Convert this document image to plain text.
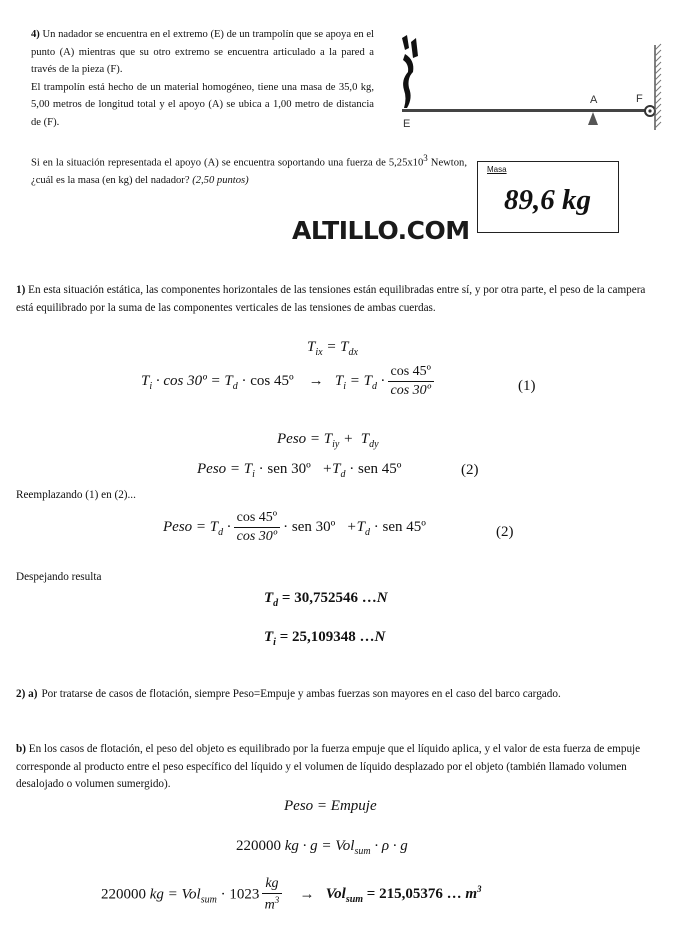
4) Un nadador se encuentra en el extremo (E) de un trampolín que se apoya en el punto (A) mientras que su otro extremo se encuentra articulado a la pared a través de la pieza (F).
El trampolín está hecho de un material homogéneo, tiene una masa de 35,0 kg, 5,00 metros de longitud total y el apoyo (A) se ubica a 1,00 metro de distancia de (F).
Si en la situación representada el apoyo (A) se encuentra soportando una fuerza de $5,25x10^3$ Newton, ¿cuál es la masa (en kg) del nadador? (2,50 puntos)
A	F
E
Masa
89,6 kg
ALTILLO.COM
1) En esta situación estática, las componentes horizontales de las tensiones están equilibradas entre sí, y por otra parte, el peso de la campera está equilibrado por la suma de las componentes verticales de las tensiones de ambas cuerdas.
$T_{ix} = T_{dx}$
$T_i \cdot \cos$ 30º = $T_d \cdot \cos$ 45º    →   $T_i = T_d \cdot \frac{\text{cos 45º}}{\text{cos 30º}}$	(1)
Peso = $T_{iy} + T_{dy}$
Peso = $T_i$ · sen 30º   $+T_d$ · sen 45º	(2)
Reemplazando (1) en (2)...
Peso = $T_d \cdot \frac{\text{cos 45º}}{\text{cos 30º}}$ · sen 30º   $+T_d$ · sen 45º	(2)
Despejando resulta
$T_d = 30,752546$ …N
$T_i = 25,109348$ …N
2) a)	Por tratarse de casos de flotación, siempre Peso=Empuje y ambas fuerzas son mayores en el caso del barco cargado.
b) En los casos de flotación, el peso del objeto es equilibrado por la fuerza empuje que el líquido aplica, y el valor de esta fuerza de empuje corresponde al producto entre el peso específico del líquido y el volumen de líquido desplazado por el objeto (también llamado volumen desalojado o volumen sumergido).
Peso = Empuje
220000 kg · g = Vol$_{sum}$ · ρ · g
220000 kg = $Vol_{sum} \cdot 1023 \frac{kg}{m^3} \to Vol_{sum} = 215,05376$ … $m^3$
